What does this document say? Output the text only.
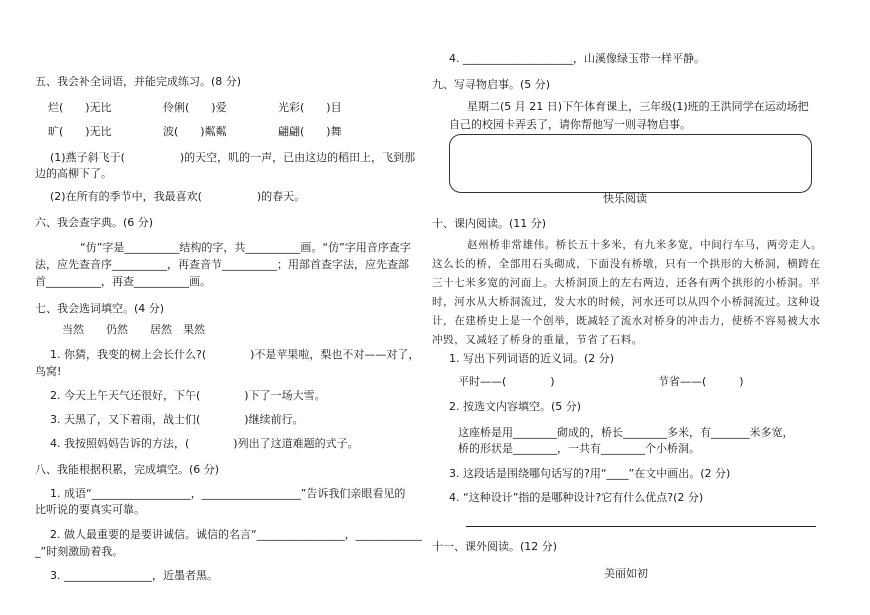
五、我会补全词语，并能完成练习。(8 分)
烂(　　)无比	伶俐(　　)爱	光彩(　　)目
旷(　　)无比	波(　　)粼粼	翩翩(　　)舞
(1)燕子斜飞于(　　　　　)的天空，叽的一声，已由这边的稻田上，飞到那
边的高柳下了。
(2)在所有的季节中，我最喜欢(　　　　　)的春天。
六、我会查字典。(6 分)
“仿”字是__________结构的字，共__________画。“仿”字用音序查字
法，应先查音序__________，再查音节__________；用部首查字法，应先查部
首__________，再查__________画。
七、我会选词填空。(4 分)
当然　　仍然　　居然　果然
1. 你猜，我变的树上会长什么?(　　　　)不是苹果啦，梨也不对——对了，
鸟窝!
2. 今天上午天气还很好，下午(　　　　)下了一场大雪。
3. 天黑了，又下着雨，战士们(　　　　)继续前行。
4. 我按照妈妈告诉的方法，(　　　　)列出了这道难题的式子。
八、我能根据积累，完成填空。(6 分)
1. 成语“__________________，__________________”告诉我们亲眼看见的
比听说的要真实可靠。
2. 做人最重要的是要讲诚信。诚信的名言“________________，____________
_”时刻激励着我。
3. ________________，近墨者黑。
4. ____________________，山溪像绿玉带一样平静。
九、写寻物启事。(5 分)
星期二(5 月 21 日)下午体育课上，三年级(1)班的王洪同学在运动场把
自己的校园卡弄丢了，请你帮他写一则寻物启事。
快乐阅读
十、课内阅读。(11 分)
赵州桥非常雄伟。桥长五十多米，有九米多宽，中间行车马，两旁走人。
这么长的桥，全部用石头砌成，下面没有桥墩，只有一个拱形的大桥洞，横跨在
三十七米多宽的河面上。大桥洞顶上的左右两边，还各有两个拱形的小桥洞。平
时，河水从大桥洞流过，发大水的时候，河水还可以从四个小桥洞流过。这种设
计，在建桥史上是一个创举，既减轻了流水对桥身的冲击力，使桥不容易被大水
冲毁，又减轻了桥身的重量，节省了石料。
1. 写出下列词语的近义词。(2 分)
平时——(　　　　)	节省——(　　　)
2. 按选文内容填空。(5 分)
这座桥是用________砌成的，桥长________多米，有_______米多宽，
桥的形状是________，一共有________个小桥洞。
3. 这段话是围绕哪句话写的?用“____”在文中画出。(2 分)
4. “这种设计”指的是哪种设计?它有什么优点?(2 分)
十一、课外阅读。(12 分)
美丽如初
